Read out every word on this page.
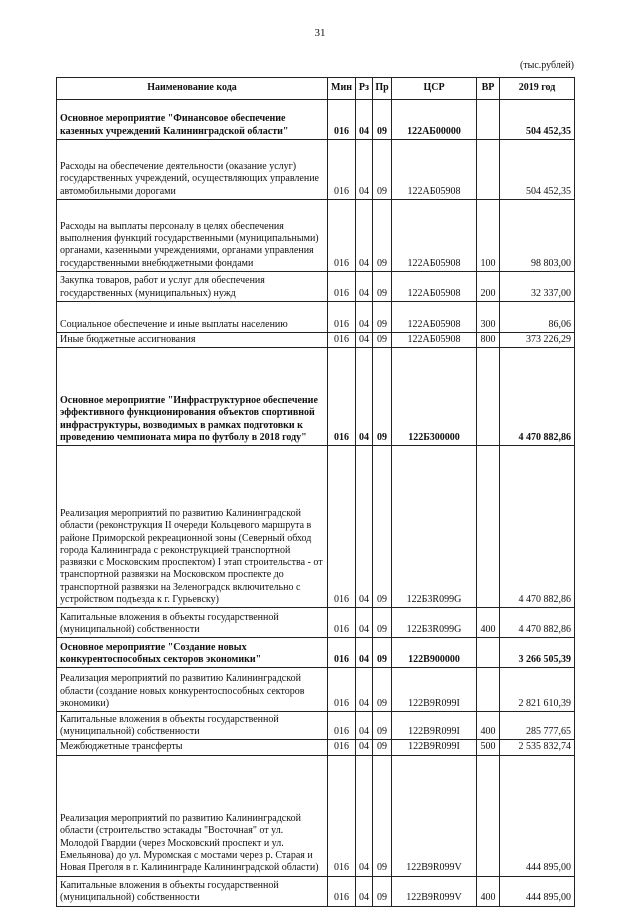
31
(тыс.рублей)
Наименование кода	Мин	Рз	Пр	ЦСР	ВР	2019 год
Основное мероприятие "Финансовое обеспечение казенных учреждений Калининградской области"	016	04	09	122АБ00000		504 452,35
Расходы на обеспечение деятельности (оказание услуг) государственных учреждений, осуществляющих управление автомобильными дорогами	016	04	09	122АБ05908		504 452,35
Расходы на выплаты персоналу в целях обеспечения выполнения функций государственными (муниципальными) органами, казенными учреждениями, органами управления государственными внебюджетными фондами	016	04	09	122АБ05908	100	98 803,00
Закупка товаров, работ и услуг для обеспечения государственных (муниципальных) нужд	016	04	09	122АБ05908	200	32 337,00
Социальное обеспечение и иные выплаты населению	016	04	09	122АБ05908	300	86,06
Иные бюджетные ассигнования	016	04	09	122АБ05908	800	373 226,29
Основное мероприятие "Инфраструктурное обеспечение эффективного функционирования объектов спортивной инфраструктуры, возводимых в рамках подготовки к проведению чемпионата мира по футболу в 2018 году"	016	04	09	122Б300000		4 470 882,86
Реализация мероприятий по развитию Калининградской области (реконструкция II очереди Кольцевого маршрута в районе Приморской рекреационной зоны (Северный обход города Калининграда с реконструкцией транспортной развязки с Московским проспектом) I этап строительства - от транспортной развязки на Московском проспекте до транспортной развязки на Зеленоградск включительно с устройством подъезда к г. Гурьевску)	016	04	09	122Б3R099G		4 470 882,86
Капитальные вложения в объекты государственной (муниципальной) собственности	016	04	09	122Б3R099G	400	4 470 882,86
Основное мероприятие "Создание новых конкурентоспособных секторов экономики"	016	04	09	122В900000		3 266 505,39
Реализация мероприятий по развитию Калининградской области (создание новых конкурентоспособных секторов экономики)	016	04	09	122В9R099I		2 821 610,39
Капитальные вложения в объекты государственной (муниципальной) собственности	016	04	09	122В9R099I	400	285 777,65
Межбюджетные трансферты	016	04	09	122В9R099I	500	2 535 832,74
Реализация мероприятий по развитию Калининградской области (строительство эстакады "Восточная" от ул. Молодой Гвардии (через Московский проспект и ул. Емельянова) до ул. Муромская с мостами через р. Старая и Новая Преголя в г. Калининграде Калининградской области)	016	04	09	122В9R099V		444 895,00
Капитальные вложения в объекты государственной (муниципальной) собственности	016	04	09	122В9R099V	400	444 895,00
